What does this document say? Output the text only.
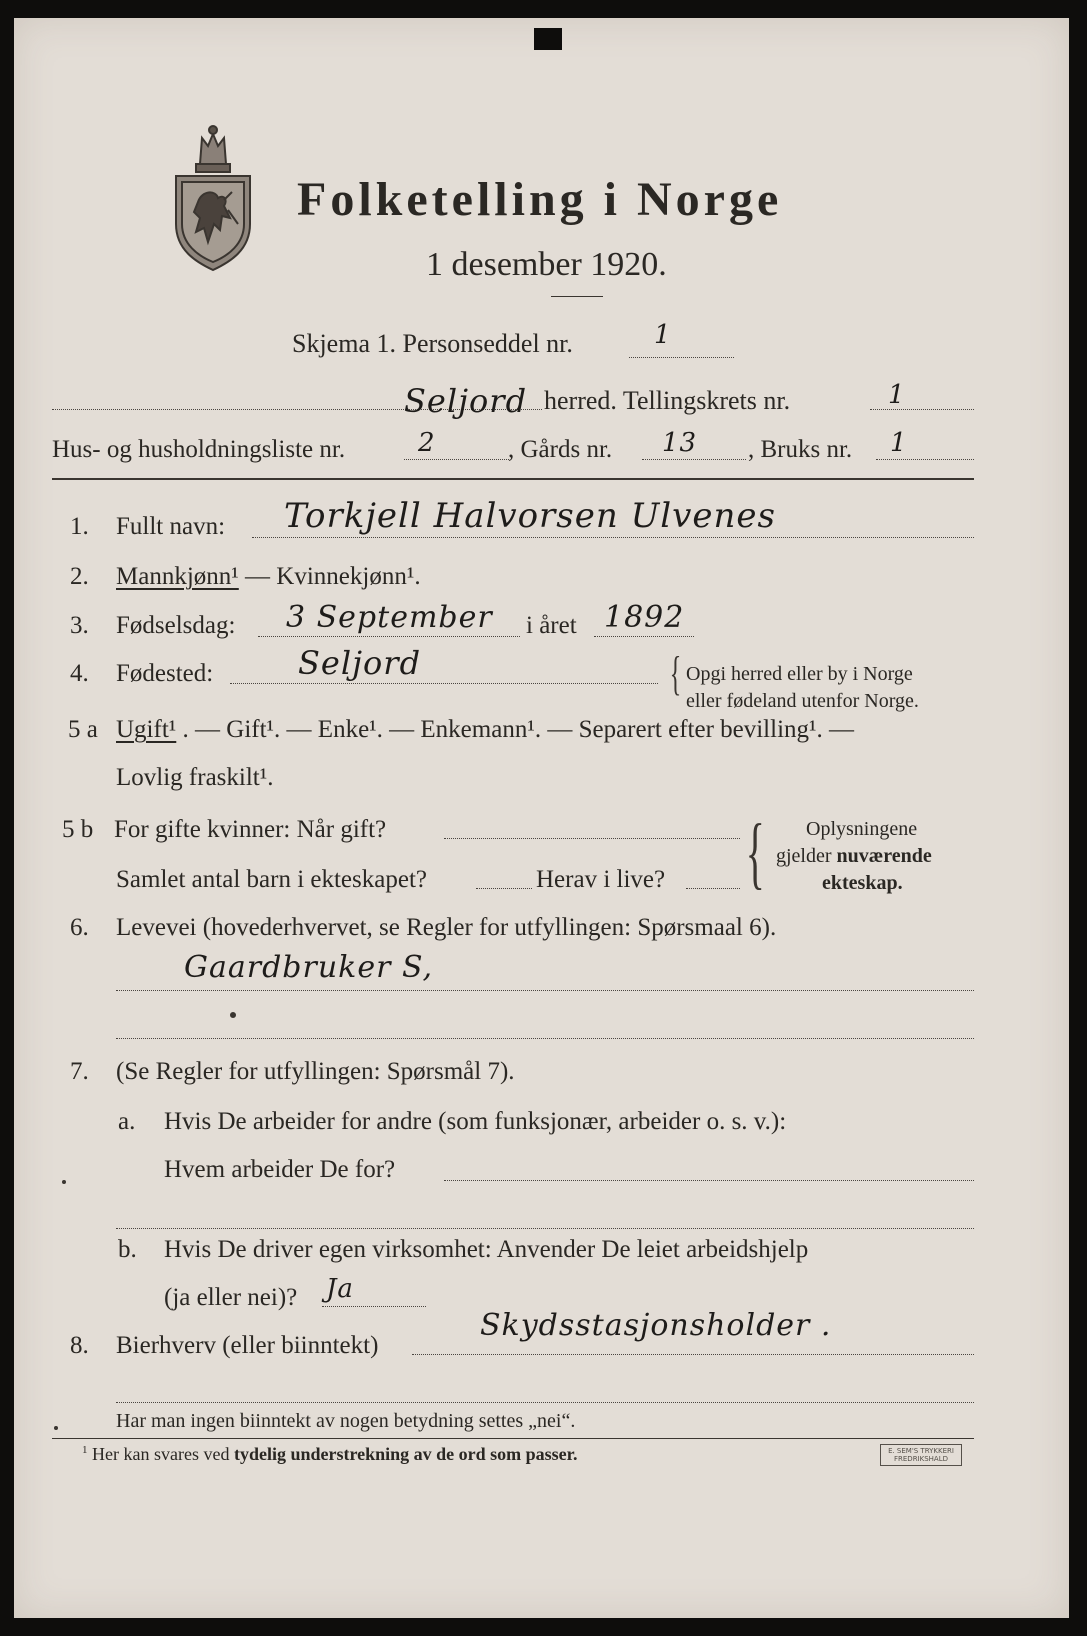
Folketelling i Norge
1 desember 1920.
Skjema 1. Personseddel nr.	1
Seljord herred. Tellingskrets nr.	1
Hus- og husholdningsliste nr.	2	, Gårds nr. 13 , Bruks nr. 1
1. Fullt navn: Torkjell Halvorsen Ulvenes
2. Mannkjønn¹ — Kvinnekjønn¹.
3. Fødselsdag: 3 September i året 1892
4. Fødested:	Seljord	{ Opgi herred eller by i Norge
eller fødeland utenfor Norge.
5 a Ugift¹ . — Gift¹. — Enke¹. — Enkemann¹. — Separert efter bevilling¹. —
Lovlig fraskilt¹.
5 b For gifte kvinner: Når gift?
Samlet antal barn i ekteskapet?	Herav i live? { Oplysningene
gjelder nuværende
ekteskap.
6. Levevei (hovederhvervet, se Regler for utfyllingen: Spørsmaal 6).
Gaardbruker S,
7. (Se Regler for utfyllingen: Spørsmål 7).
a. Hvis De arbeider for andre (som funksjonær, arbeider o. s. v.):
Hvem arbeider De for?
b. Hvis De driver egen virksomhet: Anvender De leiet arbeidshjelp
(ja eller nei)? Ja
8. Bierhverv (eller biinntekt)
Skydsstasjonsholder .
Har man ingen biinntekt av nogen betydning settes „nei“.
$^1$ Her kan svares ved tydelig understrekning av de ord som passer.	E. SEM'S TRYKKERI FREDRIKSHALD
